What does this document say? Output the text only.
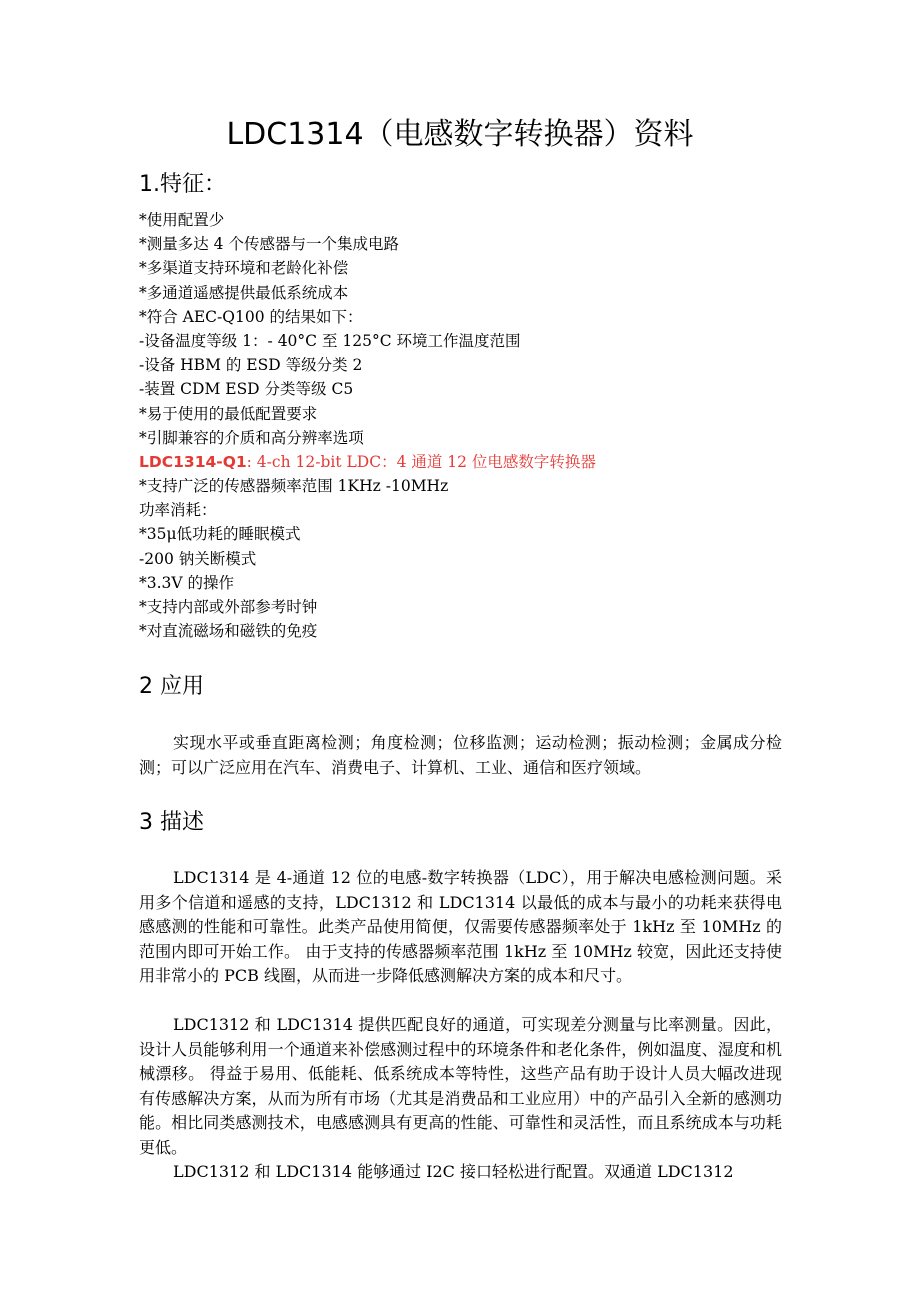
LDC1314（电感数字转换器）资料
1.特征：
*使用配置少
*测量多达 4 个传感器与一个集成电路
*多渠道支持环境和老龄化补偿
*多通道遥感提供最低系统成本
*符合 AEC-Q100 的结果如下：
-设备温度等级 1：- 40°C 至 125°C 环境工作温度范围
-设备 HBM 的 ESD 等级分类 2
-装置 CDM ESD 分类等级 C5
*易于使用的最低配置要求
*引脚兼容的介质和高分辨率选项
LDC1314-Q1: 4-ch 12-bit LDC：4 通道 12 位电感数字转换器
*支持广泛的传感器频率范围 1KHz -10MHz
功率消耗：
*35μ低功耗的睡眠模式
-200 钠关断模式
*3.3V 的操作
*支持内部或外部参考时钟
*对直流磁场和磁铁的免疫
2 应用

实现水平或垂直距离检测；角度检测；位移监测；运动检测；振动检测；金属成分检测；可以广泛应用在汽车、消费电子、计算机、工业、通信和医疗领域。

3 描述

LDC1314 是 4-通道 12 位的电感-数字转换器（LDC），用于解决电感检测问题。采用多个信道和遥感的支持，LDC1312 和 LDC1314 以最低的成本与最小的功耗来获得电感感测的性能和可靠性。此类产品使用简便，仅需要传感器频率处于 1kHz 至 10MHz 的范围内即可开始工作。 由于支持的传感器频率范围 1kHz 至 10MHz 较宽，因此还支持使用非常小的 PCB 线圈，从而进一步降低感测解决方案的成本和尺寸。

LDC1312 和 LDC1314 提供匹配良好的通道，可实现差分测量与比率测量。因此，设计人员能够利用一个通道来补偿感测过程中的环境条件和老化条件，例如温度、湿度和机械漂移。 得益于易用、低能耗、低系统成本等特性，这些产品有助于设计人员大幅改进现有传感解决方案，从而为所有市场（尤其是消费品和工业应用）中的产品引入全新的感测功能。相比同类感测技术，电感感测具有更高的性能、可靠性和灵活性，而且系统成本与功耗更低。

LDC1312 和 LDC1314 能够通过 I2C 接口轻松进行配置。双通道 LDC1312
